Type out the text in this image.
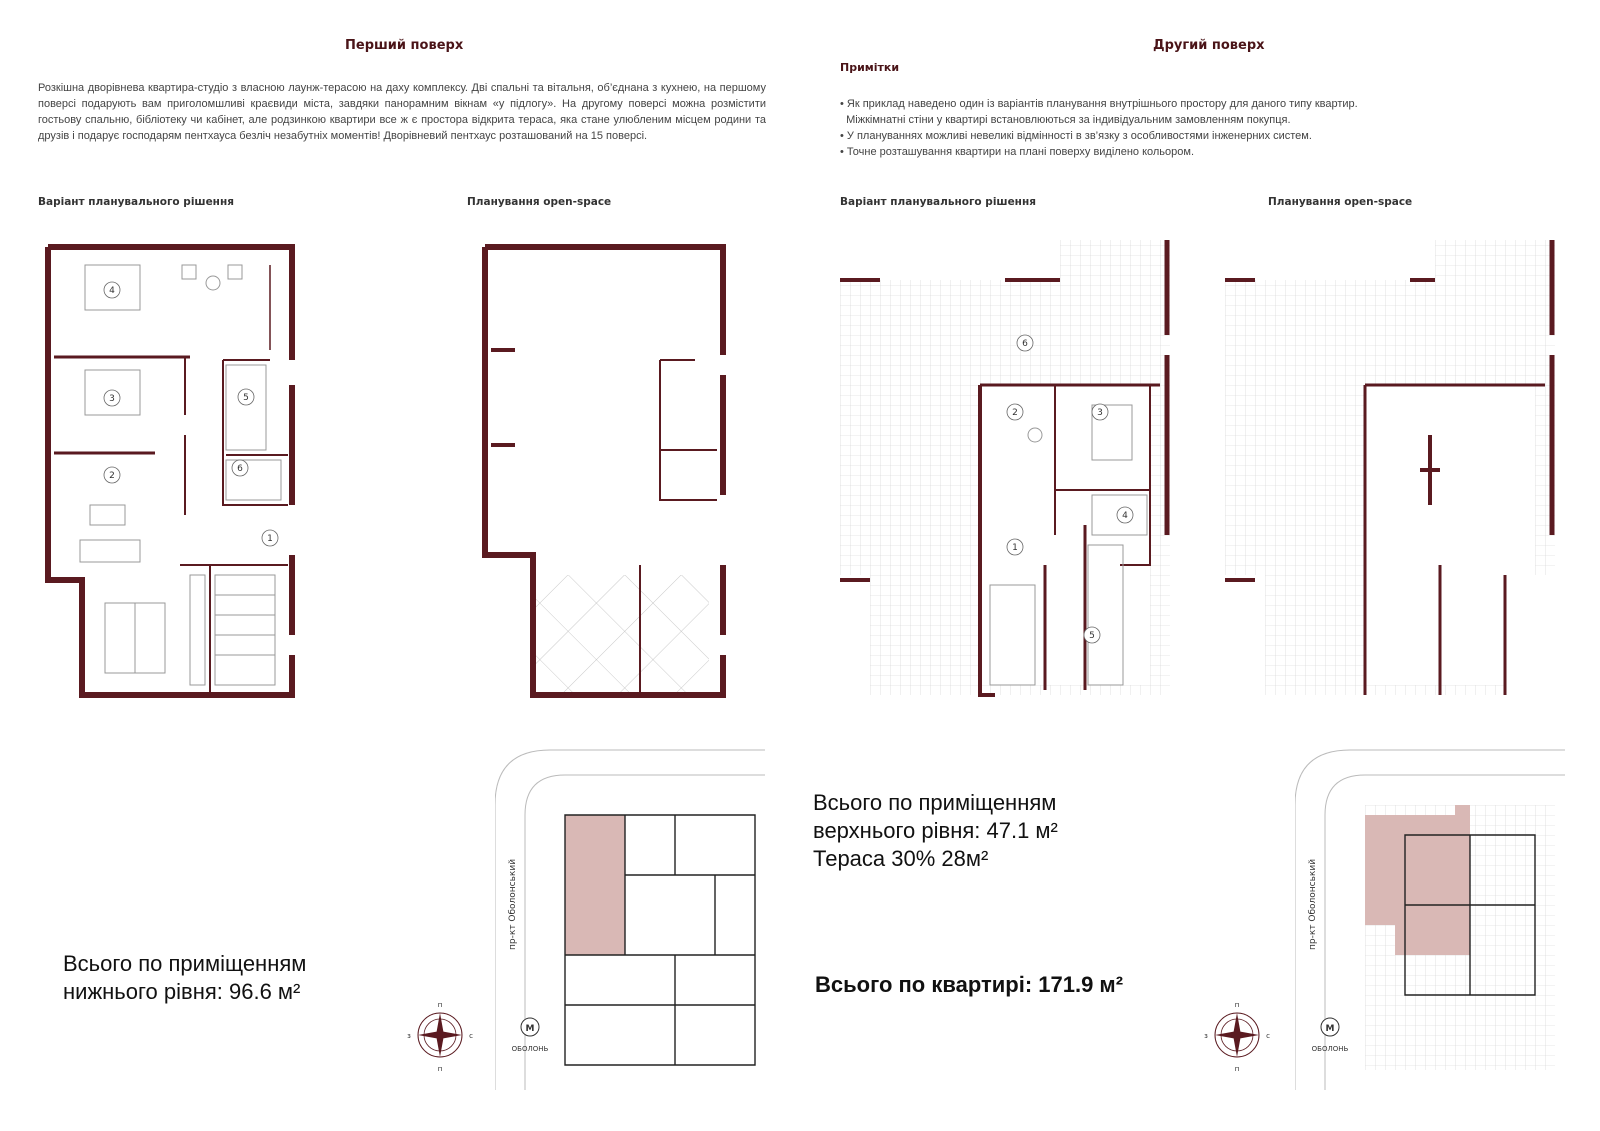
Перший поверх	Другий поверх
Розкішна дворівнева квартира-студіо з власною лаунж-терасою на даху комплексу. Дві спальні та вітальня, об’єднана з кухнею, на першому поверсі подарують вам приголомшливі краєвиди міста, завдяки панорамним вікнам «у підлогу». На другому поверсі можна розмістити гостьову спальню, бібліотеку чи кабінет, але родзинкою квартири все ж є простора відкрита тераса, яка стане улюбленим місцем родини та друзів і подарує господарям пентхауса безліч незабутніх моментів! Дворівневий пентхаус розташований на 15 поверсі.
Примітки
• Як приклад наведено один із варіантів планування внутрішнього простору для даного типу квартир.
Міжкімнатні стіни у квартирі встановлюються за індивідуальним замовленням покупця.
• У плануваннях можливі невеликі відмінності в зв’язку з особливостями інженерних систем.
• Точне розташування квартири на плані поверху виділено кольором.
Варіант планувального рішення	Планування open-space	Варіант планувального рішення	Планування open-space
1
2
3
4
5
6
1
2	3
4
5
6
пр-кт Оболонський
М
ОБОЛОНЬ
пр-кт Оболонський
М
ОБОЛОНЬ
п
п
з	с
п
п
з	с
Всього по приміщенням
нижнього рівня: 96.6 м²
Всього по приміщенням
верхнього рівня: 47.1 м²
Тераса 30% 28м²
Всього по квартирі: 171.9 м²
